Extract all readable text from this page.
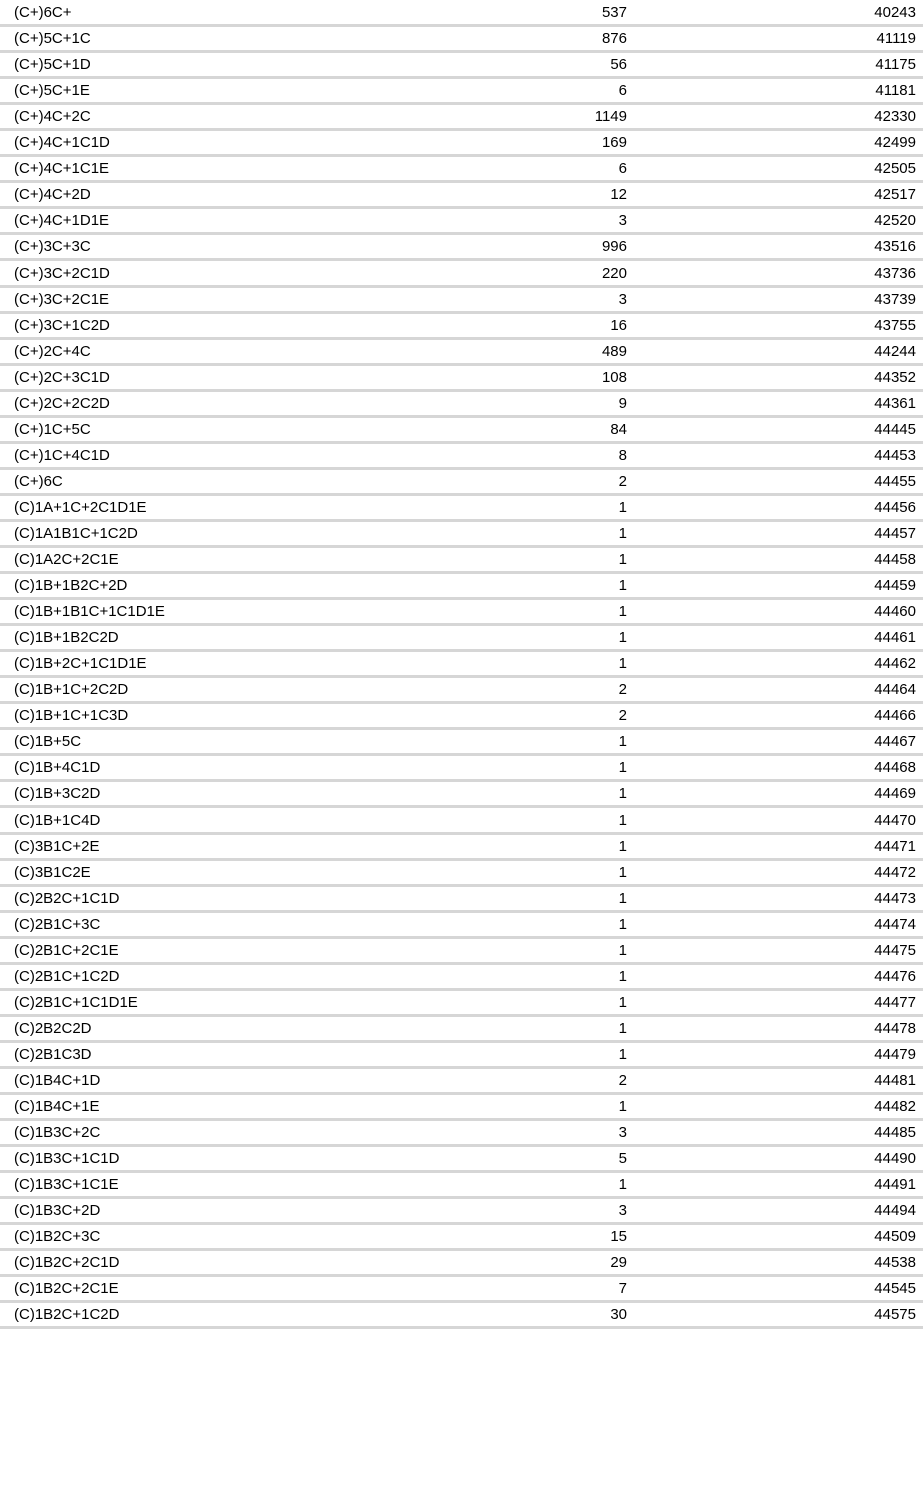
(C+)6C+	537	40243
(C+)5C+1C	876	41119
(C+)5C+1D	56	41175
(C+)5C+1E	6	41181
(C+)4C+2C	1149	42330
(C+)4C+1C1D	169	42499
(C+)4C+1C1E	6	42505
(C+)4C+2D	12	42517
(C+)4C+1D1E	3	42520
(C+)3C+3C	996	43516
(C+)3C+2C1D	220	43736
(C+)3C+2C1E	3	43739
(C+)3C+1C2D	16	43755
(C+)2C+4C	489	44244
(C+)2C+3C1D	108	44352
(C+)2C+2C2D	9	44361
(C+)1C+5C	84	44445
(C+)1C+4C1D	8	44453
(C+)6C	2	44455
(C)1A+1C+2C1D1E	1	44456
(C)1A1B1C+1C2D	1	44457
(C)1A2C+2C1E	1	44458
(C)1B+1B2C+2D	1	44459
(C)1B+1B1C+1C1D1E	1	44460
(C)1B+1B2C2D	1	44461
(C)1B+2C+1C1D1E	1	44462
(C)1B+1C+2C2D	2	44464
(C)1B+1C+1C3D	2	44466
(C)1B+5C	1	44467
(C)1B+4C1D	1	44468
(C)1B+3C2D	1	44469
(C)1B+1C4D	1	44470
(C)3B1C+2E	1	44471
(C)3B1C2E	1	44472
(C)2B2C+1C1D	1	44473
(C)2B1C+3C	1	44474
(C)2B1C+2C1E	1	44475
(C)2B1C+1C2D	1	44476
(C)2B1C+1C1D1E	1	44477
(C)2B2C2D	1	44478
(C)2B1C3D	1	44479
(C)1B4C+1D	2	44481
(C)1B4C+1E	1	44482
(C)1B3C+2C	3	44485
(C)1B3C+1C1D	5	44490
(C)1B3C+1C1E	1	44491
(C)1B3C+2D	3	44494
(C)1B2C+3C	15	44509
(C)1B2C+2C1D	29	44538
(C)1B2C+2C1E	7	44545
(C)1B2C+1C2D	30	44575
